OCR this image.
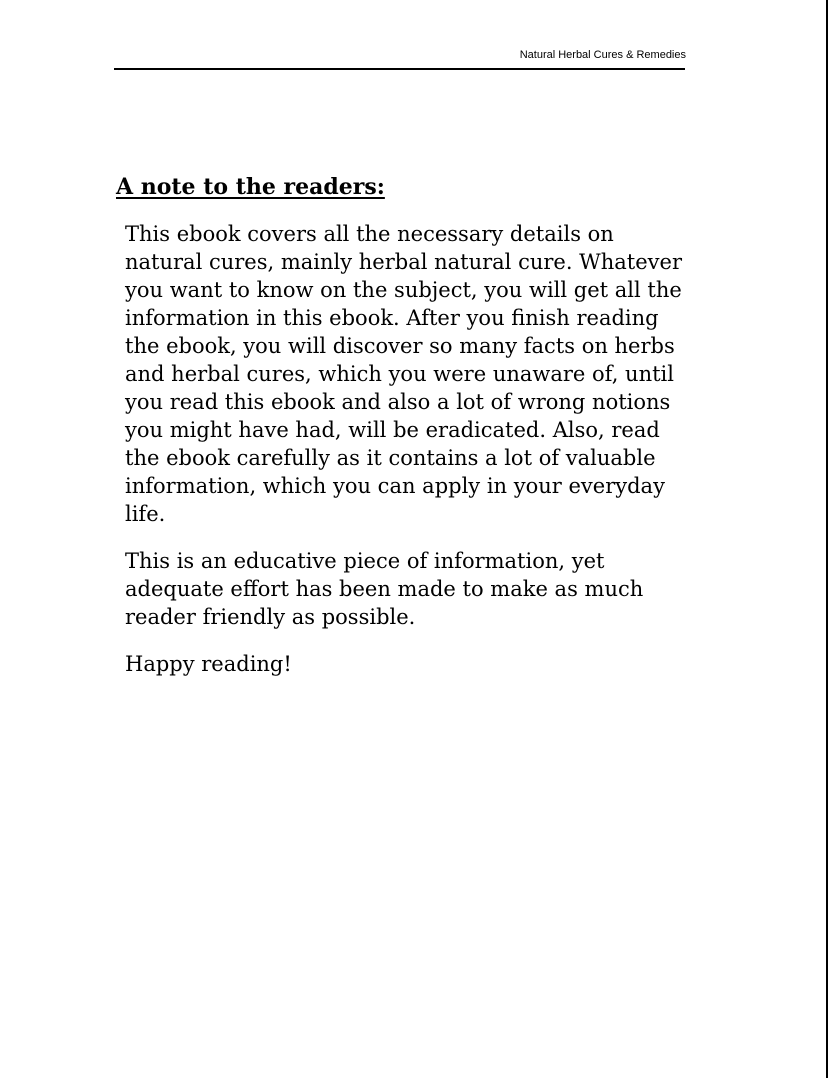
Natural Herbal Cures & Remedies
A note to the readers:

This ebook covers all the necessary details on
natural cures, mainly herbal natural cure. Whatever
you want to know on the subject, you will get all the
information in this ebook. After you finish reading
the ebook, you will discover so many facts on herbs
and herbal cures, which you were unaware of, until
you read this ebook and also a lot of wrong notions
you might have had, will be eradicated. Also, read
the ebook carefully as it contains a lot of valuable
information, which you can apply in your everyday
life.

This is an educative piece of information, yet
adequate effort has been made to make as much
reader friendly as possible.

Happy reading!
